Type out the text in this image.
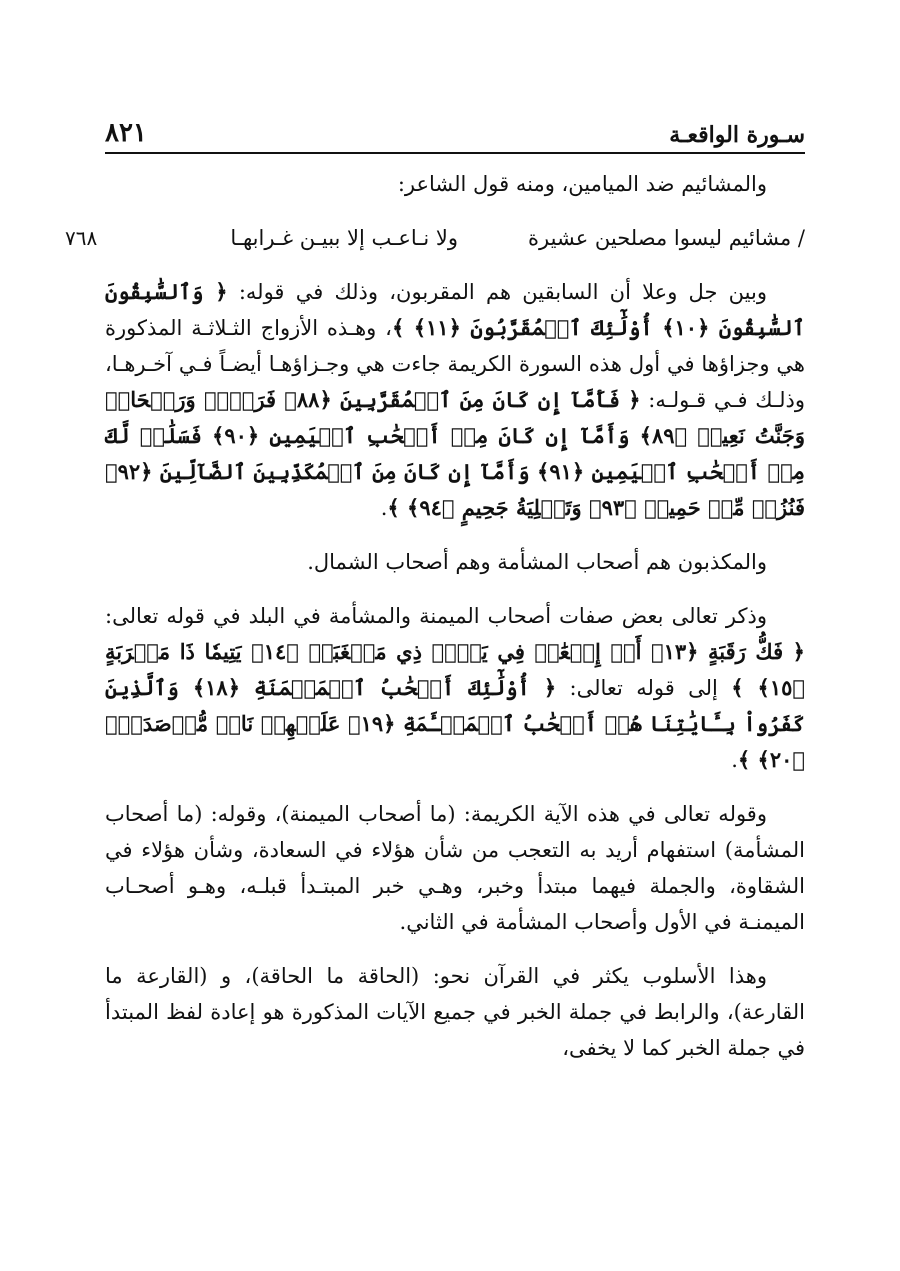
سـورة الواقعـة
٨٢١

والمشائيم ضد الميامين، ومنه قول الشاعر:

/ مشائيم ليسوا مصلحين عشيرة
ولا نـاعـب إلا ببيـن غـرابهـا
٧٦٨

وبين جل وعلا أن السابقين هم المقربون، وذلك في قوله: ﴿ وَٱلسَّٰبِقُونَ ٱلسَّٰبِقُونَ ﴿١٠﴾ أُوْلَٰٓئِكَ ٱلۡمُقَرَّبُونَ ﴿١١﴾ ﴾، وهـذه الأزواج الثـلاثـة المذكورة هي وجزاؤها في أول هذه السورة الكريمة جاءت هي وجـزاؤهـا أيضـاً فـي آخـرهـا، وذلـك فـي قـولـه: ﴿ فَأَمَّآ إِن كَانَ مِنَ ٱلۡمُقَرَّبِينَ ﴿٨٨﴾ فَرَوۡحٞ وَرَيۡحَانٞ وَجَنَّتُ نَعِيمٖ ﴿٨٩﴾ وَأَمَّآ إِن كَانَ مِنۡ أَصۡحَٰبِ ٱلۡيَمِينِ ﴿٩٠﴾ فَسَلَٰمٞ لَّكَ مِنۡ أَصۡحَٰبِ ٱلۡيَمِينِ ﴿٩١﴾ وَأَمَّآ إِن كَانَ مِنَ ٱلۡمُكَذِّبِينَ ٱلضَّآلِّينَ ﴿٩٢﴾ فَنُزُلٞ مِّنۡ حَمِيمٖ ﴿٩٣﴾ وَتَصۡلِيَةُ جَحِيمٍ ﴿٩٤﴾ ﴾.

والمكذبون هم أصحاب المشأمة وهم أصحاب الشمال.

وذكر تعالى بعض صفات أصحاب الميمنة والمشأمة في البلد في قوله تعالى: ﴿ فَكُّ رَقَبَةٍ ﴿١٣﴾ أَوۡ إِطۡعَٰمٞ فِي يَوۡمٖ ذِي مَسۡغَبَةٖ ﴿١٤﴾ يَتِيمٗا ذَا مَقۡرَبَةٍ ﴿١٥﴾ ﴾ إلى قوله تعالى: ﴿ أُوْلَٰٓئِكَ أَصۡحَٰبُ ٱلۡمَيۡمَنَةِ ﴿١٨﴾ وَٱلَّذِينَ كَفَرُواْ بِـَٔايَٰتِنَا هُمۡ أَصۡحَٰبُ ٱلۡمَشۡـَٔمَةِ ﴿١٩﴾ عَلَيۡهِمۡ نَارٞ مُّؤۡصَدَةُۢ ﴿٢٠﴾ ﴾.

وقوله تعالى في هذه الآية الكريمة: (ما أصحاب الميمنة)، وقوله: (ما أصحاب المشأمة) استفهام أريد به التعجب من شأن هؤلاء في السعادة، وشأن هؤلاء في الشقاوة، والجملة فيهما مبتدأ وخبر، وهـي خبر المبتـدأ قبلـه، وهـو أصحـاب الميمنـة في الأول وأصحاب المشأمة في الثاني.

وهذا الأسلوب يكثر في القرآن نحو: (الحاقة ما الحاقة)، و (القارعة ما القارعة)، والرابط في جملة الخبر في جميع الآيات المذكورة هو إعادة لفظ المبتدأ في جملة الخبر كما لا يخفى،
